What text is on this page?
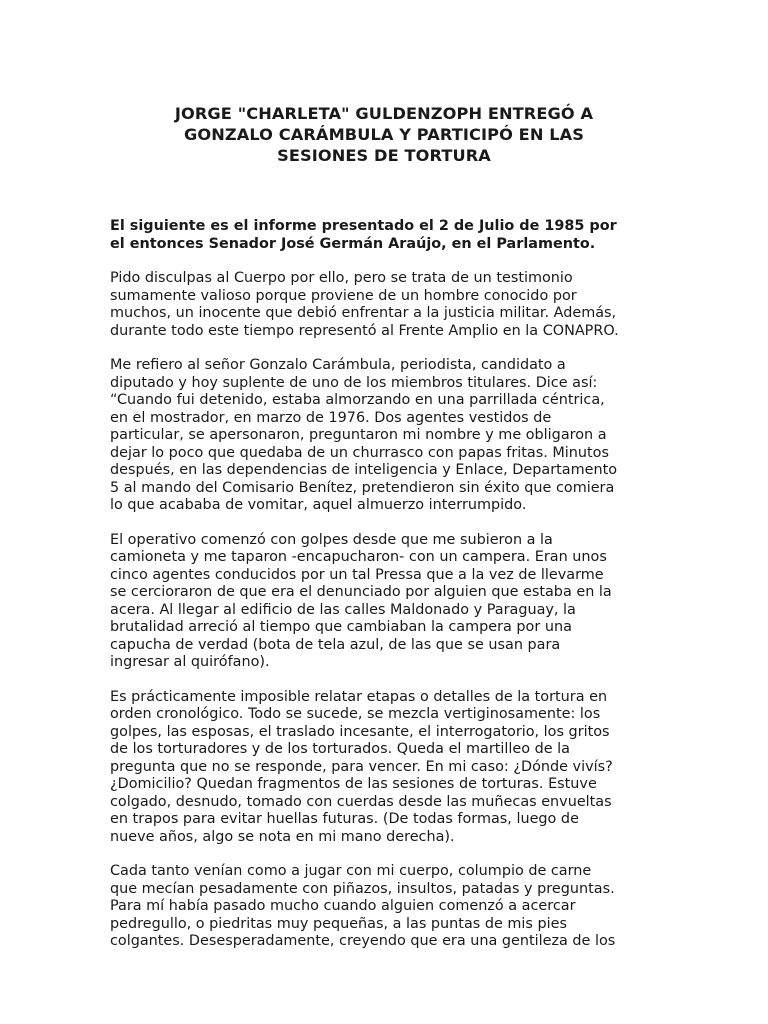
JORGE "CHARLETA" GULDENZOPH ENTREGÓ A
GONZALO CARÁMBULA Y PARTICIPÓ EN LAS
SESIONES DE TORTURA

El siguiente es el informe presentado el 2 de Julio de 1985 por
el entonces Senador José Germán Araújo, en el Parlamento.

Pido disculpas al Cuerpo por ello, pero se trata de un testimonio
sumamente valioso porque proviene de un hombre conocido por
muchos, un inocente que debió enfrentar a la justicia militar. Además,
durante todo este tiempo representó al Frente Amplio en la CONAPRO.

Me refiero al señor Gonzalo Carámbula, periodista, candidato a
diputado y hoy suplente de uno de los miembros titulares. Dice así:
“Cuando fui detenido, estaba almorzando en una parrillada céntrica,
en el mostrador, en marzo de 1976. Dos agentes vestidos de
particular, se apersonaron, preguntaron mi nombre y me obligaron a
dejar lo poco que quedaba de un churrasco con papas fritas. Minutos
después, en las dependencias de inteligencia y Enlace, Departamento
5 al mando del Comisario Benítez, pretendieron sin éxito que comiera
lo que acababa de vomitar, aquel almuerzo interrumpido.

El operativo comenzó con golpes desde que me subieron a la
camioneta y me taparon -encapucharon- con un campera. Eran unos
cinco agentes conducidos por un tal Pressa que a la vez de llevarme
se cercioraron de que era el denunciado por alguien que estaba en la
acera. Al llegar al edificio de las calles Maldonado y Paraguay, la
brutalidad arreció al tiempo que cambiaban la campera por una
capucha de verdad (bota de tela azul, de las que se usan para
ingresar al quirófano).

Es prácticamente imposible relatar etapas o detalles de la tortura en
orden cronológico. Todo se sucede, se mezcla vertiginosamente: los
golpes, las esposas, el traslado incesante, el interrogatorio, los gritos
de los torturadores y de los torturados. Queda el martilleo de la
pregunta que no se responde, para vencer. En mi caso: ¿Dónde vivís?
¿Domicilio? Quedan fragmentos de las sesiones de torturas. Estuve
colgado, desnudo, tomado con cuerdas desde las muñecas envueltas
en trapos para evitar huellas futuras. (De todas formas, luego de
nueve años, algo se nota en mi mano derecha).

Cada tanto venían como a jugar con mi cuerpo, columpio de carne
que mecían pesadamente con piñazos, insultos, patadas y preguntas.
Para mí había pasado mucho cuando alguien comenzó a acercar
pedregullo, o piedritas muy pequeñas, a las puntas de mis pies
colgantes. Desesperadamente, creyendo que era una gentileza de los
